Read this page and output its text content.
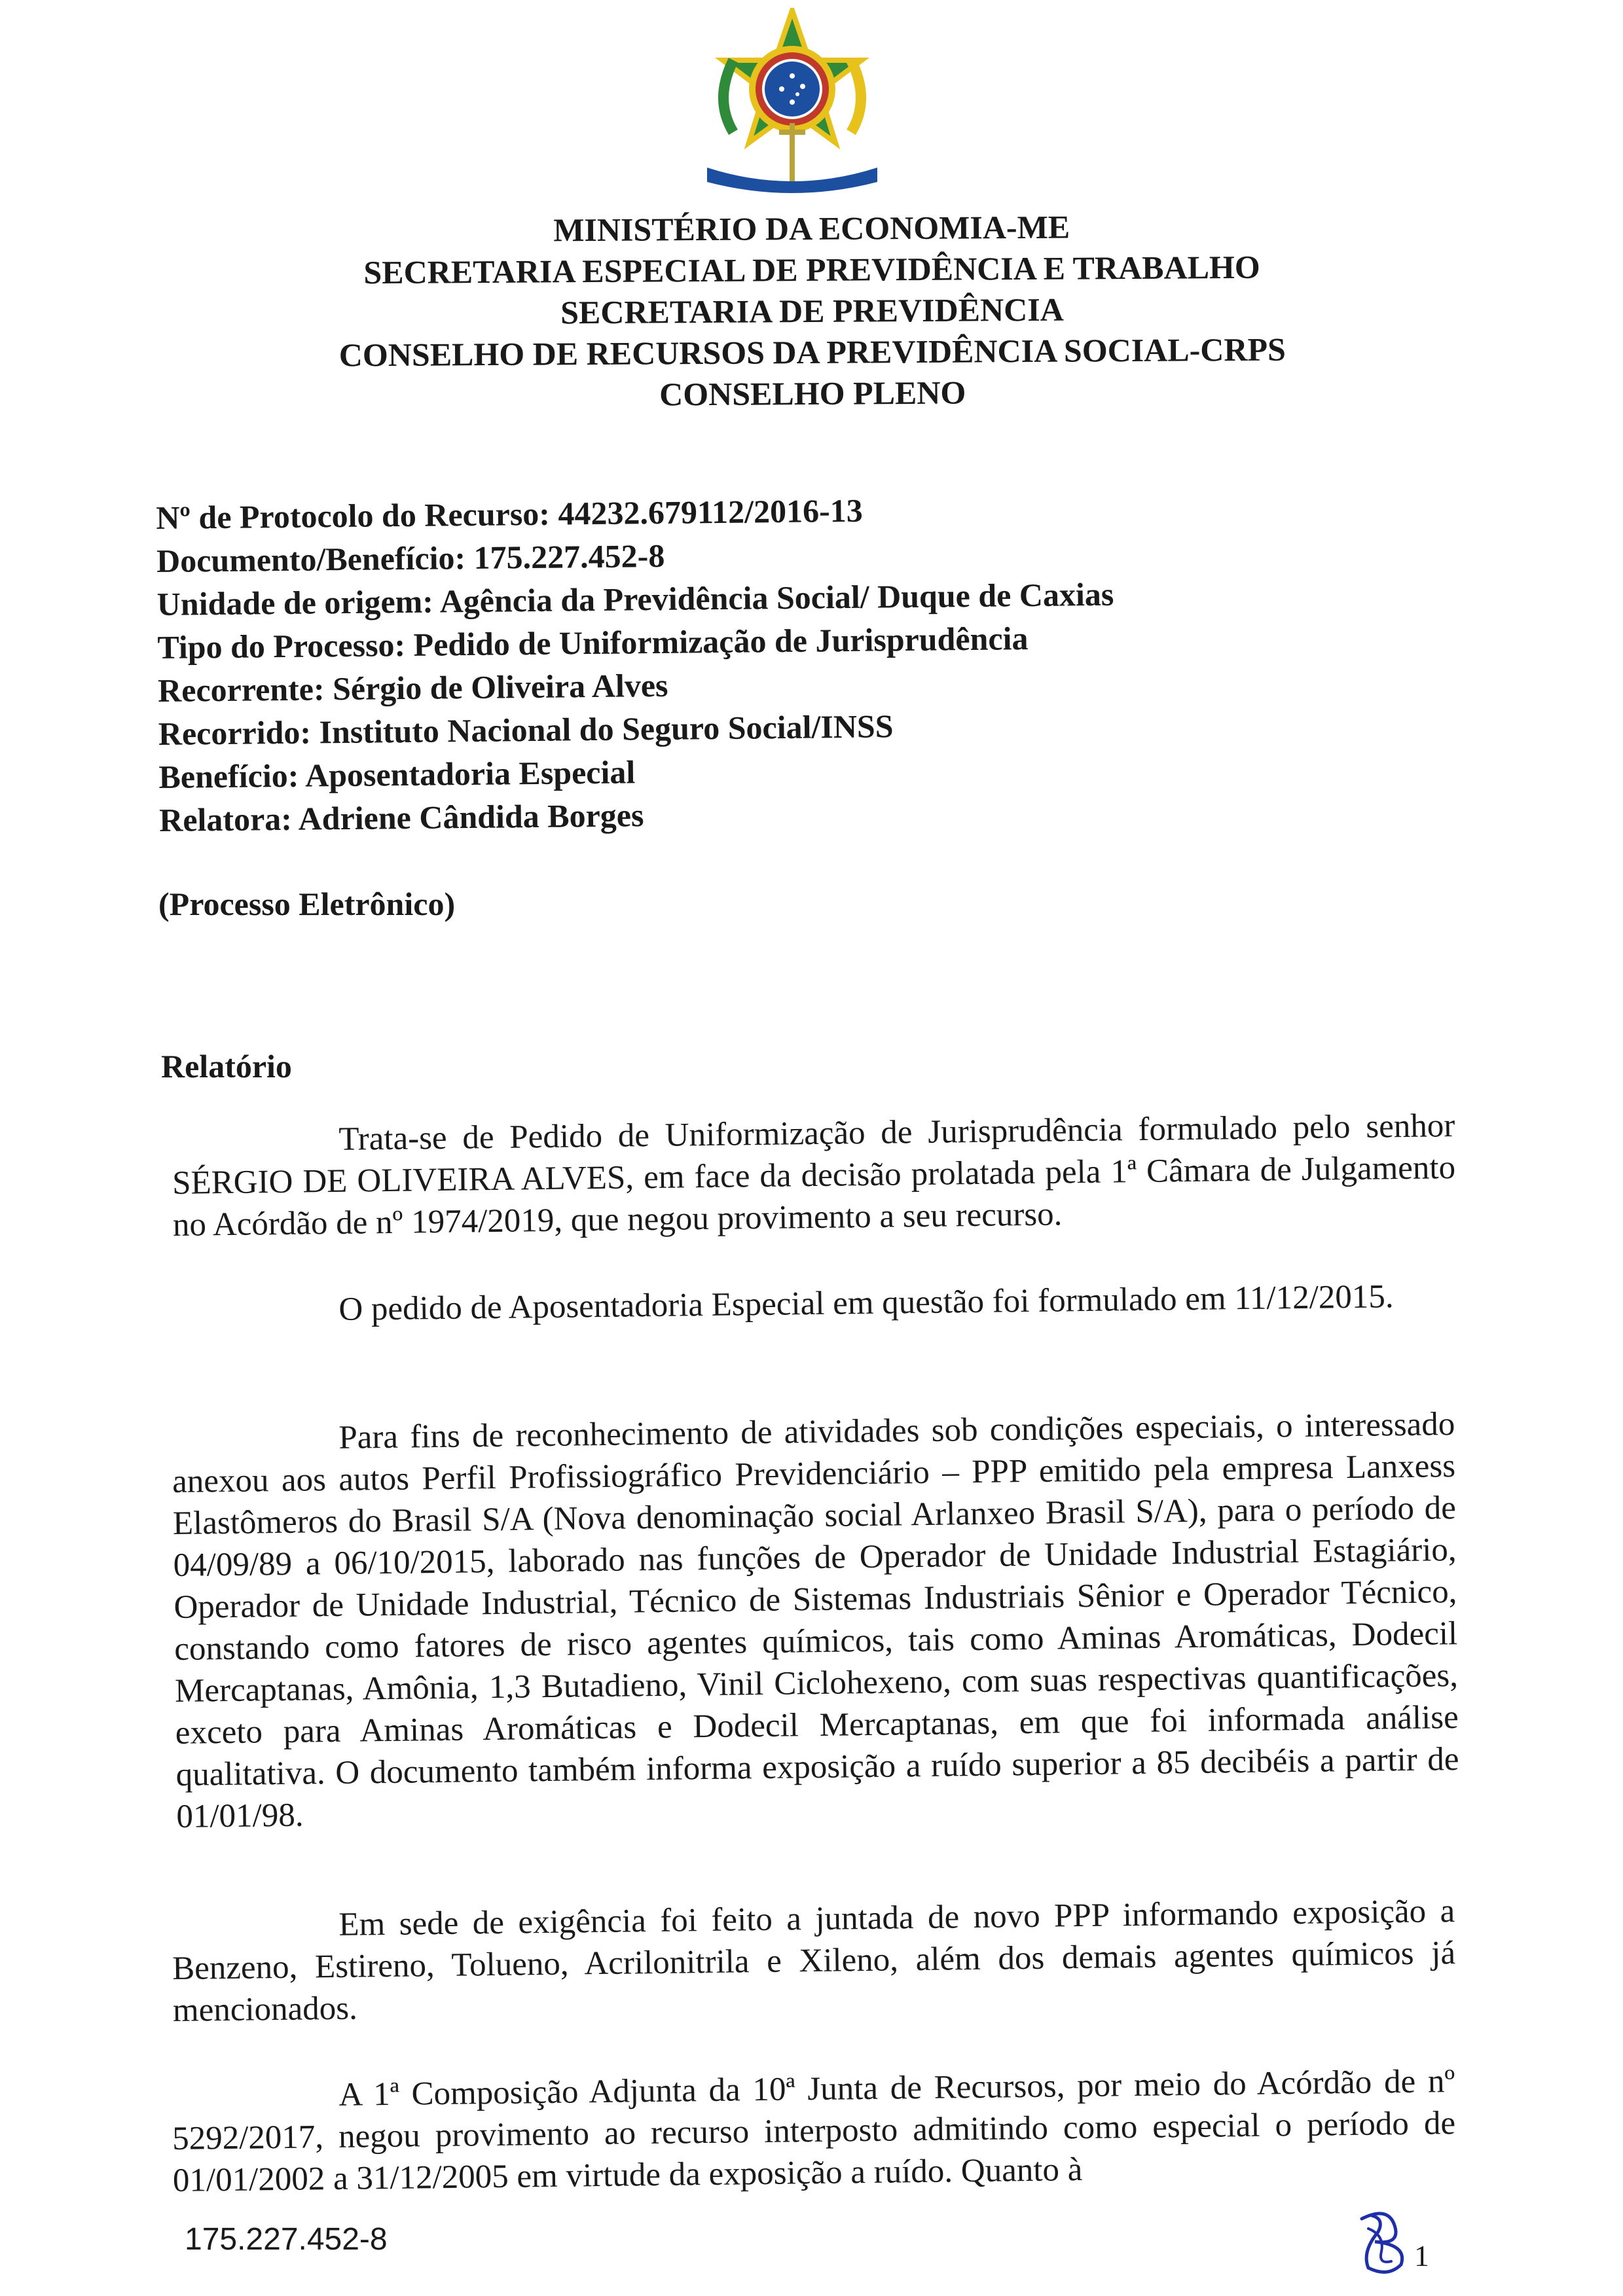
MINISTÉRIO DA ECONOMIA-ME
SECRETARIA ESPECIAL DE PREVIDÊNCIA E TRABALHO
SECRETARIA DE PREVIDÊNCIA
CONSELHO DE RECURSOS DA PREVIDÊNCIA SOCIAL-CRPS
CONSELHO PLENO
Nº de Protocolo do Recurso: 44232.679112/2016-13
Documento/Benefício: 175.227.452-8
Unidade de origem: Agência da Previdência Social/ Duque de Caxias
Tipo do Processo: Pedido de Uniformização de Jurisprudência
Recorrente: Sérgio de Oliveira Alves
Recorrido: Instituto Nacional do Seguro Social/INSS
Benefício: Aposentadoria Especial
Relatora: Adriene Cândida Borges
(Processo Eletrônico)
Relatório
Trata-se de Pedido de Uniformização de Jurisprudência formulado pelo senhor SÉRGIO DE OLIVEIRA ALVES, em face da decisão prolatada pela 1ª Câmara de Julgamento no Acórdão de nº 1974/2019, que negou provimento a seu recurso.
O pedido de Aposentadoria Especial em questão foi formulado em 11/12/2015.
Para fins de reconhecimento de atividades sob condições especiais, o interessado anexou aos autos Perfil Profissiográfico Previdenciário – PPP emitido pela empresa Lanxess Elastômeros do Brasil S/A (Nova denominação social Arlanxeo Brasil S/A), para o período de 04/09/89 a 06/10/2015, laborado nas funções de Operador de Unidade Industrial Estagiário, Operador de Unidade Industrial, Técnico de Sistemas Industriais Sênior e Operador Técnico, constando como fatores de risco agentes químicos, tais como Aminas Aromáticas, Dodecil Mercaptanas, Amônia, 1,3 Butadieno, Vinil Ciclohexeno, com suas respectivas quantificações, exceto para Aminas Aromáticas e Dodecil Mercaptanas, em que foi informada análise qualitativa. O documento também informa exposição a ruído superior a 85 decibéis a partir de 01/01/98.
Em sede de exigência foi feito a juntada de novo PPP informando exposição a Benzeno, Estireno, Tolueno, Acrilonitrila e Xileno, além dos demais agentes químicos já mencionados.
A 1ª Composição Adjunta da 10ª Junta de Recursos, por meio do Acórdão de nº 5292/2017, negou provimento ao recurso interposto admitindo como especial o período de 01/01/2002 a 31/12/2005 em virtude da exposição a ruído. Quanto à
175.227.452-8	1
